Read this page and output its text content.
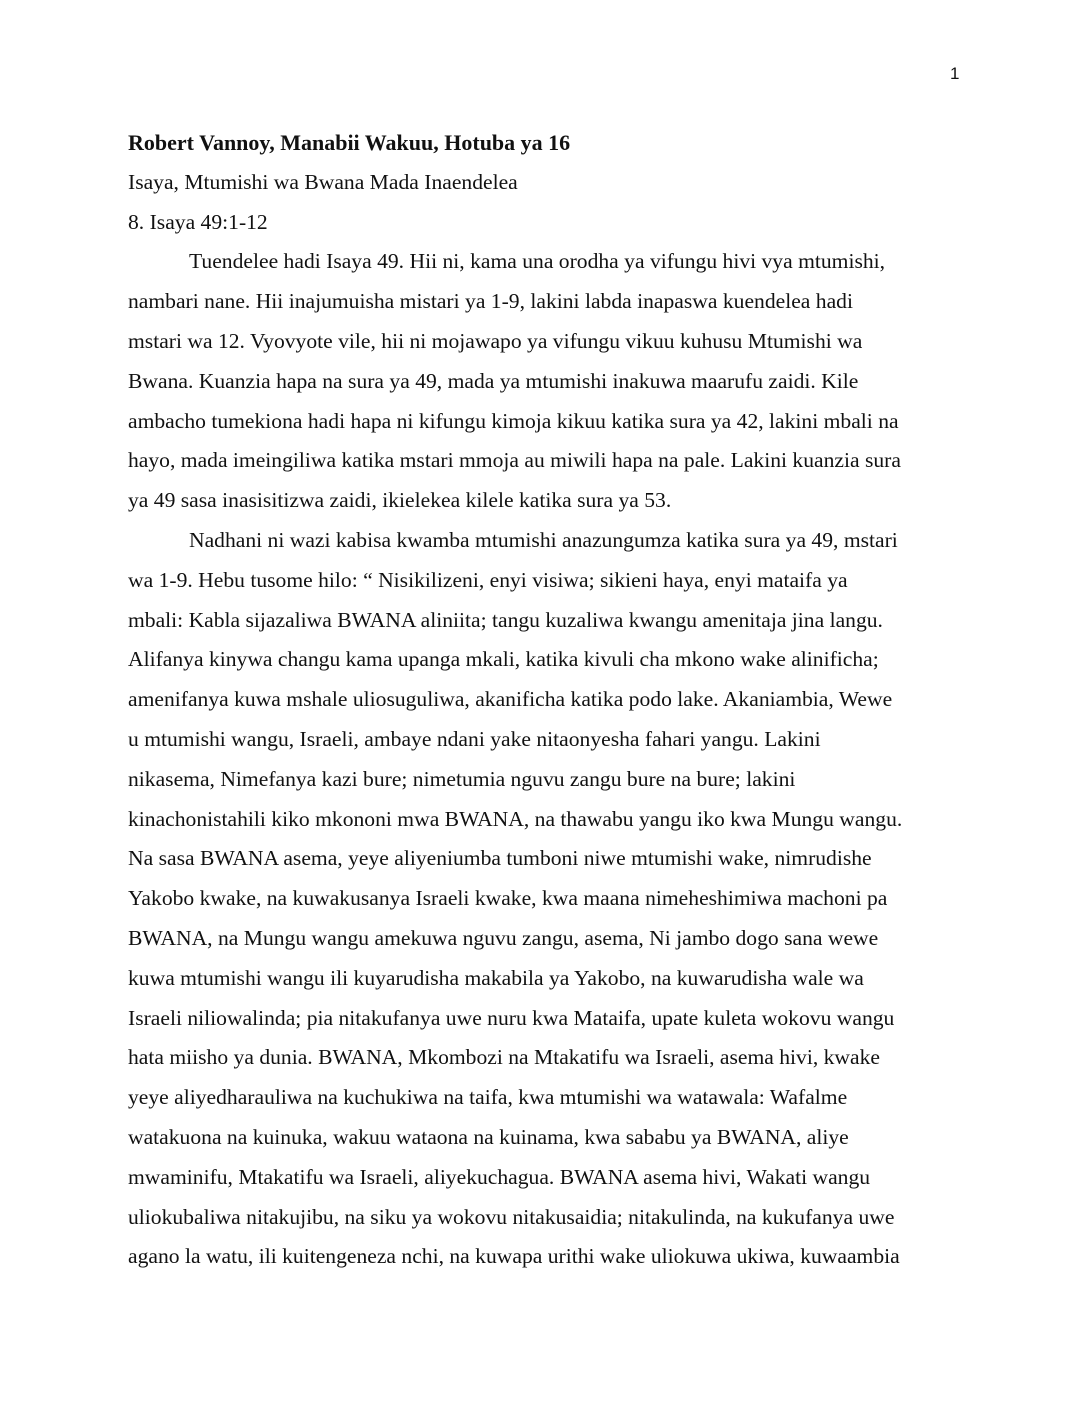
1
Robert Vannoy, Manabii Wakuu, Hotuba ya 16
Isaya, Mtumishi wa Bwana Mada Inaendelea
8. Isaya 49:1-12
Tuendelee hadi Isaya 49. Hii ni, kama una orodha ya vifungu hivi vya mtumishi,
nambari nane. Hii inajumuisha mistari ya 1-9, lakini labda inapaswa kuendelea hadi
mstari wa 12. Vyovyote vile, hii ni mojawapo ya vifungu vikuu kuhusu Mtumishi wa
Bwana. Kuanzia hapa na sura ya 49, mada ya mtumishi inakuwa maarufu zaidi. Kile
ambacho tumekiona hadi hapa ni kifungu kimoja kikuu katika sura ya 42, lakini mbali na
hayo, mada imeingiliwa katika mstari mmoja au miwili hapa na pale. Lakini kuanzia sura
ya 49 sasa inasisitizwa zaidi, ikielekea kilele katika sura ya 53.
Nadhani ni wazi kabisa kwamba mtumishi anazungumza katika sura ya 49, mstari
wa 1-9. Hebu tusome hilo: “ Nisikilizeni, enyi visiwa; sikieni haya, enyi mataifa ya
mbali: Kabla sijazaliwa BWANA aliniita; tangu kuzaliwa kwangu amenitaja jina langu.
Alifanya kinywa changu kama upanga mkali, katika kivuli cha mkono wake alinificha;
amenifanya kuwa mshale uliosuguliwa, akanificha katika podo lake. Akaniambia, Wewe
u mtumishi wangu, Israeli, ambaye ndani yake nitaonyesha fahari yangu. Lakini
nikasema, Nimefanya kazi bure; nimetumia nguvu zangu bure na bure; lakini
kinachonistahili kiko mkononi mwa BWANA, na thawabu yangu iko kwa Mungu wangu.
Na sasa BWANA asema, yeye aliyeniumba tumboni niwe mtumishi wake, nimrudishe
Yakobo kwake, na kuwakusanya Israeli kwake, kwa maana nimeheshimiwa machoni pa
BWANA, na Mungu wangu amekuwa nguvu zangu, asema, Ni jambo dogo sana wewe
kuwa mtumishi wangu ili kuyarudisha makabila ya Yakobo, na kuwarudisha wale wa
Israeli niliowalinda; pia nitakufanya uwe nuru kwa Mataifa, upate kuleta wokovu wangu
hata miisho ya dunia. BWANA, Mkombozi na Mtakatifu wa Israeli, asema hivi, kwake
yeye aliyedharauliwa na kuchukiwa na taifa, kwa mtumishi wa watawala: Wafalme
watakuona na kuinuka, wakuu wataona na kuinama, kwa sababu ya BWANA, aliye
mwaminifu, Mtakatifu wa Israeli, aliyekuchagua. BWANA asema hivi, Wakati wangu
uliokubaliwa nitakujibu, na siku ya wokovu nitakusaidia; nitakulinda, na kukufanya uwe
agano la watu, ili kuitengeneza nchi, na kuwapa urithi wake uliokuwa ukiwa, kuwaambia
